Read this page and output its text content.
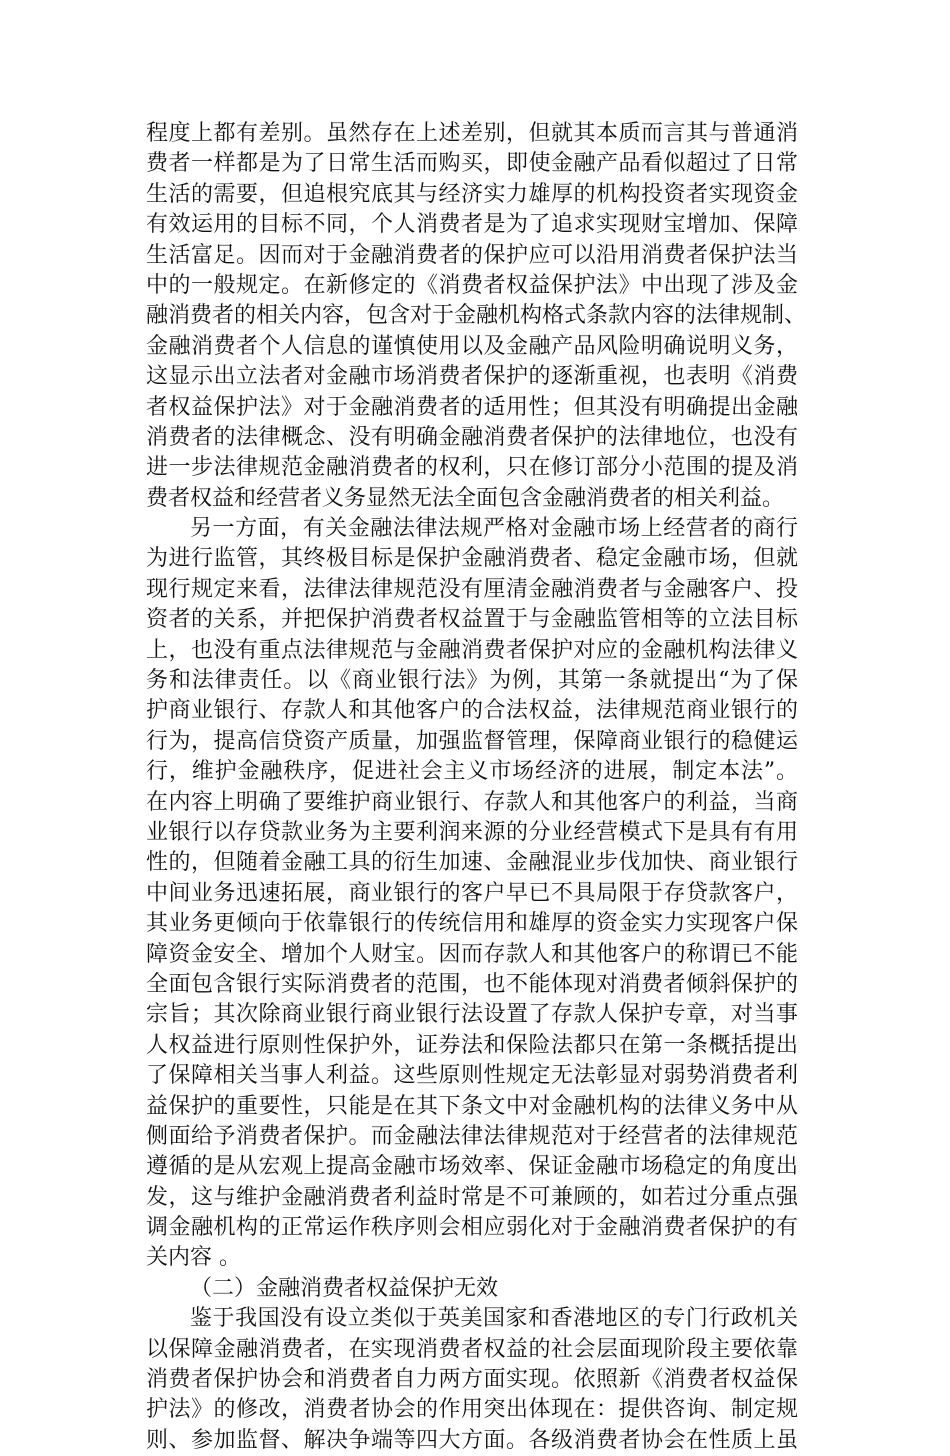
程度上都有差别。虽然存在上述差别，但就其本质而言其与普通消
费者一样都是为了日常生活而购买，即使金融产品看似超过了日常
生活的需要，但追根究底其与经济实力雄厚的机构投资者实现资金
有效运用的目标不同，个人消费者是为了追求实现财宝增加、保障
生活富足。因而对于金融消费者的保护应可以沿用消费者保护法当
中的一般规定。在新修定的《消费者权益保护法》中出现了涉及金
融消费者的相关内容，包含对于金融机构格式条款内容的法律规制、
金融消费者个人信息的谨慎使用以及金融产品风险明确说明义务，
这显示出立法者对金融市场消费者保护的逐渐重视，也表明《消费
者权益保护法》对于金融消费者的适用性；但其没有明确提出金融
消费者的法律概念、没有明确金融消费者保护的法律地位，也没有
进一步法律规范金融消费者的权利，只在修订部分小范围的提及消
费者权益和经营者义务显然无法全面包含金融消费者的相关利益。
另一方面，有关金融法律法规严格对金融市场上经营者的商行
为进行监管，其终极目标是保护金融消费者、稳定金融市场，但就
现行规定来看，法律法律规范没有厘清金融消费者与金融客户、投
资者的关系，并把保护消费者权益置于与金融监管相等的立法目标
上，也没有重点法律规范与金融消费者保护对应的金融机构法律义
务和法律责任。以《商业银行法》为例，其第一条就提出“为了保
护商业银行、存款人和其他客户的合法权益，法律规范商业银行的
行为，提高信贷资产质量，加强监督管理，保障商业银行的稳健运
行，维护金融秩序，促进社会主义市场经济的进展，制定本法”。
在内容上明确了要维护商业银行、存款人和其他客户的利益，当商
业银行以存贷款业务为主要利润来源的分业经营模式下是具有有用
性的，但随着金融工具的衍生加速、金融混业步伐加快、商业银行
中间业务迅速拓展，商业银行的客户早已不具局限于存贷款客户，
其业务更倾向于依靠银行的传统信用和雄厚的资金实力实现客户保
障资金安全、增加个人财宝。因而存款人和其他客户的称谓已不能
全面包含银行实际消费者的范围，也不能体现对消费者倾斜保护的
宗旨；其次除商业银行商业银行法设置了存款人保护专章，对当事
人权益进行原则性保护外，证券法和保险法都只在第一条概括提出
了保障相关当事人利益。这些原则性规定无法彰显对弱势消费者利
益保护的重要性，只能是在其下条文中对金融机构的法律义务中从
侧面给予消费者保护。而金融法律法律规范对于经营者的法律规范
遵循的是从宏观上提高金融市场效率、保证金融市场稳定的角度出
发，这与维护金融消费者利益时常是不可兼顾的，如若过分重点强
调金融机构的正常运作秩序则会相应弱化对于金融消费者保护的有
关内容 。
（二）金融消费者权益保护无效
鉴于我国没有设立类似于英美国家和香港地区的专门行政机关
以保障金融消费者，在实现消费者权益的社会层面现阶段主要依靠
消费者保护协会和消费者自力两方面实现。依照新《消费者权益保
护法》的修改，消费者协会的作用突出体现在：提供咨询、制定规
则、参加监督、解决争端等四大方面。各级消费者协会在性质上虽
